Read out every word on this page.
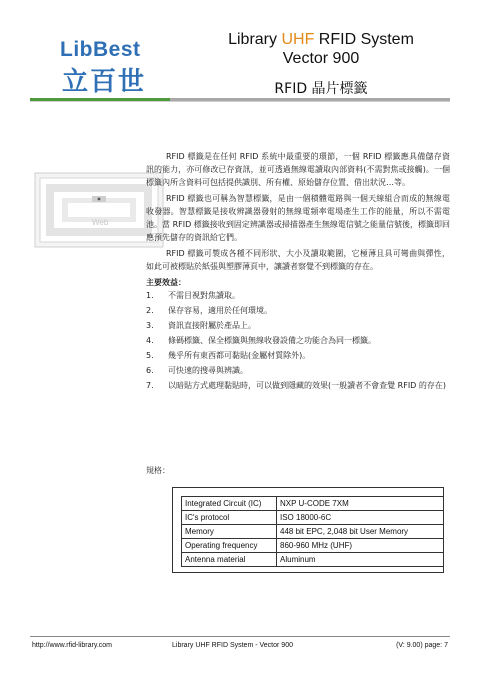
LibBest
立百世
Library UHF RFID System
Vector 900
RFID 晶片標籤
Web

RFID 標籤是在任何 RFID 系統中最重要的環節，一個 RFID 標籤應具備儲存資訊的能力，亦可修改已存資訊，並可透過無線電讀取內部資料(不需對焦或接觸)。一個標籤內所含資料可包括提供識別、所有權、原始儲存位置、借出狀況…等。

RFID 標籤也可稱為智慧標籤，是由一個積體電路與一個天線組合而成的無線電收發器。智慧標籤是接收辨識器發射的無線電頻率電場產生工作的能量，所以不需電池。當 RFID 標籤接收到固定辨識器或掃描器產生無線電信號之能量信號後，標籤即回應預先儲存的資訊給它們。

RFID 標籤可製成各種不同形狀、大小及讀取範圍，它極薄且具可彎曲與彈性，如此可被標貼於紙張與塑膠薄頁中，讓讀者察覺不到標籤的存在。

主要效益：
1.	不需目視對焦讀取。
2.	保存容易，適用於任何環境。
3.	資訊直接附屬於產品上。
4.	條碼標籤、保全標籤與無線收發設備之功能合為同一標籤。
5.	幾乎所有東西都可黏貼(金屬材質除外)。
6.	可快速的搜尋與辨識。
7.	以暗貼方式處理黏貼時，可以做到隱藏的效果(一般讀者不會查覺 RFID 的存在)
規格：
Integrated Circuit (IC)	NXP U-CODE 7XM
IC's protocol	ISO 18000-6C
Memory	448 bit EPC, 2,048 bit User Memory
Operating frequency	860-960 MHz (UHF)
Antenna material	Aluminum
http://www.rfid-library.com	Library UHF RFID System - Vector 900	(V: 9.00) page: 7
